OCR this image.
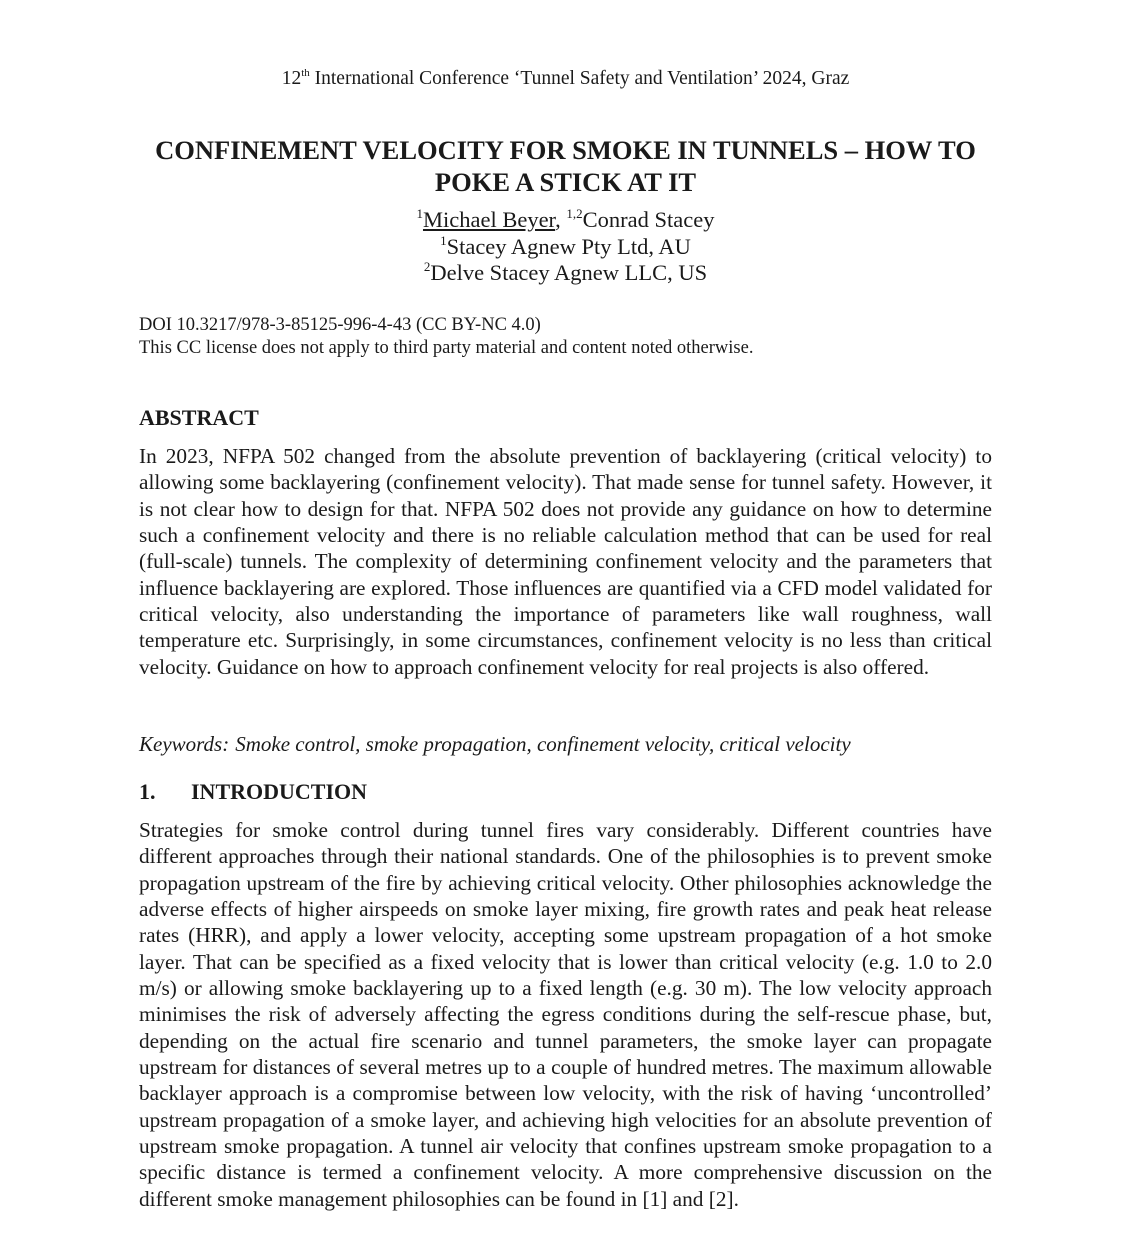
12th International Conference ‘Tunnel Safety and Ventilation’ 2024, Graz
CONFINEMENT VELOCITY FOR SMOKE IN TUNNELS – HOW TO POKE A STICK AT IT
$^1$Michael Beyer, $^{1,2}$Conrad Stacey
$^1$Stacey Agnew Pty Ltd, AU
$^2$Delve Stacey Agnew LLC, US
DOI 10.3217/978-3-85125-996-4-43 (CC BY-NC 4.0)
This CC license does not apply to third party material and content noted otherwise.
ABSTRACT

In 2023, NFPA 502 changed from the absolute prevention of backlayering (critical velocity) to allowing some backlayering (confinement velocity). That made sense for tunnel safety. However, it is not clear how to design for that. NFPA 502 does not provide any guidance on how to determine such a confinement velocity and there is no reliable calculation method that can be used for real (full-scale) tunnels. The complexity of determining confinement velocity and the parameters that influence backlayering are explored. Those influences are quantified via a CFD model validated for critical velocity, also understanding the importance of parameters like wall roughness, wall temperature etc. Surprisingly, in some circumstances, confinement velocity is no less than critical velocity. Guidance on how to approach confinement velocity for real projects is also offered.

Keywords: Smoke control, smoke propagation, confinement velocity, critical velocity
1. INTRODUCTION

Strategies for smoke control during tunnel fires vary considerably. Different countries have different approaches through their national standards. One of the philosophies is to prevent smoke propagation upstream of the fire by achieving critical velocity. Other philosophies acknowledge the adverse effects of higher airspeeds on smoke layer mixing, fire growth rates and peak heat release rates (HRR), and apply a lower velocity, accepting some upstream propagation of a hot smoke layer. That can be specified as a fixed velocity that is lower than critical velocity (e.g. 1.0 to 2.0 m/s) or allowing smoke backlayering up to a fixed length (e.g. 30 m). The low velocity approach minimises the risk of adversely affecting the egress conditions during the self-rescue phase, but, depending on the actual fire scenario and tunnel parameters, the smoke layer can propagate upstream for distances of several metres up to a couple of hundred metres. The maximum allowable backlayer approach is a compromise between low velocity, with the risk of having ‘uncontrolled’ upstream propagation of a smoke layer, and achieving high velocities for an absolute prevention of upstream smoke propagation. A tunnel air velocity that confines upstream smoke propagation to a specific distance is termed a confinement velocity. A more comprehensive discussion on the different smoke management philosophies can be found in [1] and [2].
